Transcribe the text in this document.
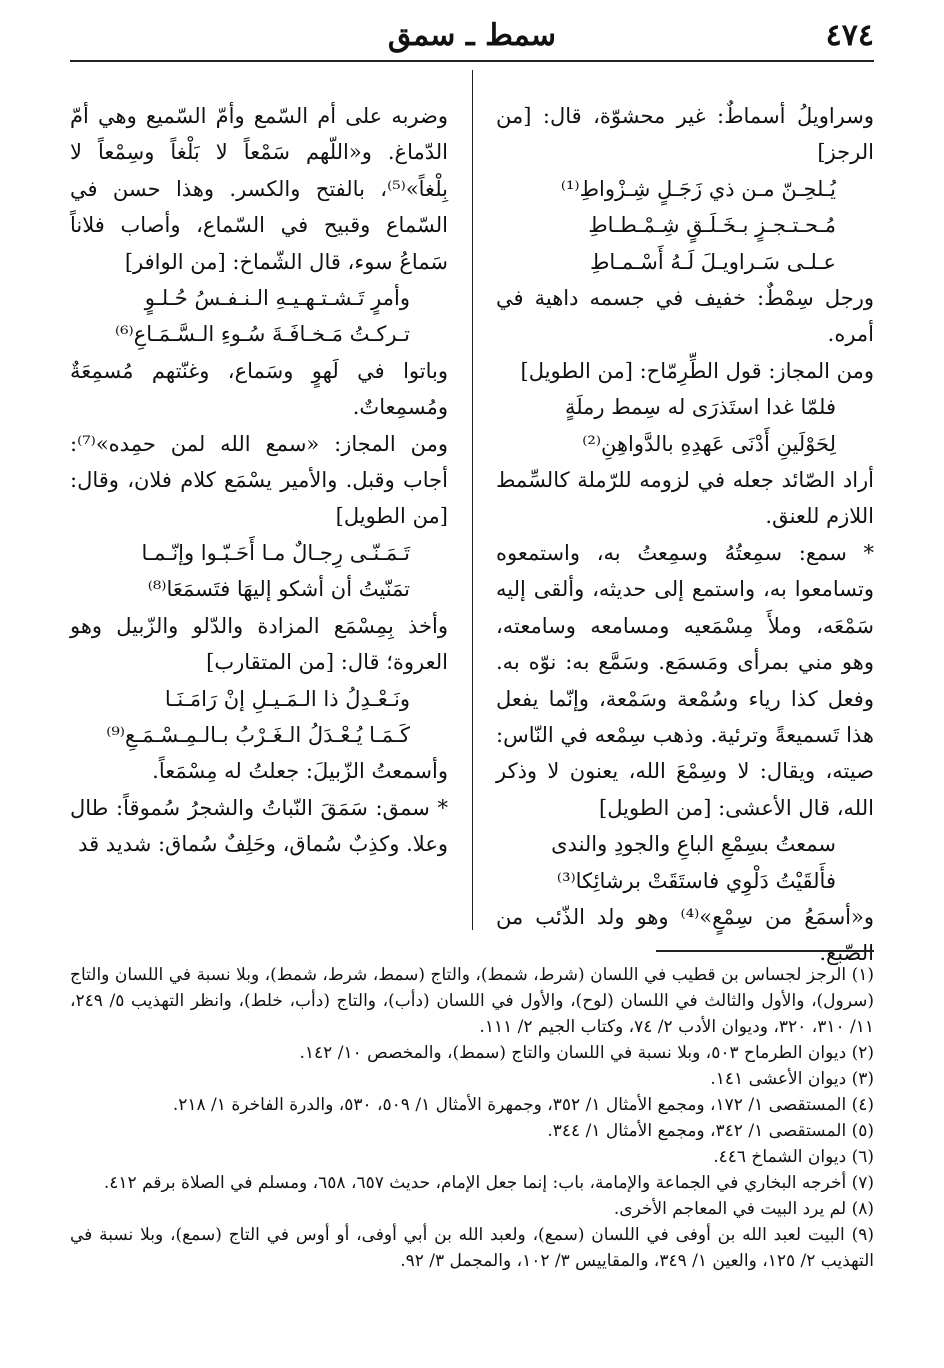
٤٧٤
سمط ـ سمق

وسراويلُ أسماطٌ: غير محشوّة، قال: [من الرجز]

يُـلحِـنّ مـن ذي زَجَـلٍ شِـزْواطِ⁽¹⁾

مُـحـتـجـزٍ بـخَـلَـقٍ شِـمْـطـاطِ

عـلـى سَـراويـلَ لَـهُ أَسْـمـاطِ

ورجل سِمْطٌ: خفيف في جسمه داهية في أمره.

ومن المجاز: قول الطِّرِمّاح: [من الطويل]

فلمّا غدا استَذرَى له سِمط رملَةٍ

لِحَوْلَينِ أَدْنَى عَهدِهِ بالدَّواهِنِ⁽²⁾

أراد الصّائد جعله في لزومه للرّملة كالسِّمط اللازم للعنق.

* سمع: سمِعتُهُ وسمِعتُ به، واستمعوه وتسامعوا به، واستمع إلى حديثه، وألقى إليه سَمْعَه، وملأَ مِسْمَعيه ومسامعه وسامعته، وهو مني بمرأى ومَسمَع. وسَمَّع به: نوّه به. وفعل كذا رياء وسُمْعة وسَمْعة، وإنّما يفعل هذا تَسميعةً وترئية. وذهب سِمْعه في النّاس: صيته، ويقال: لا وسِمْعَ الله، يعنون لا وذكر الله، قال الأعشى: [من الطويل]

سمعتُ بسِمْعِ الباعِ والجودِ والندى

فأَلقَيْتُ دَلْوِي فاستَقَتْ برشائِكا⁽³⁾

و«أسمَعُ من سِمْعٍ»⁽⁴⁾ وهو ولد الذّئب من الضّبع.

وضربه على أم السّمع وأمّ السّميع وهي أمّ الدّماغ. و«اللّهم سَمْعاً لا بَلْغاً وسِمْعاً لا بِلْغاً»⁽⁵⁾، بالفتح والكسر. وهذا حسن في السّماع وقبيح في السّماع، وأصاب فلاناً سَماعُ سوء، قال الشّماخ: [من الوافر]

وأمرٍ تَـشـتـهـيـهِ الـنـفـسُ حُـلـوٍ

تـركـتُ مَـخـافَـةَ سُـوءِ الـسَّـمَـاعِ⁽⁶⁾

وباتوا في لَهوٍ وسَماع، وغنّتهم مُسمِعَةٌ ومُسمِعاتٌ.

ومن المجاز: «سمع الله لمن حمِده»⁽⁷⁾: أجاب وقبل. والأمير يسْمَع كلام فلان، وقال: [من الطويل]

تَـمَـنّـى رِجـالٌ مـا أَحَـبّـوا وإنّـمـا

تمَنّيتُ أن أشكو إليهَا فتَسمَعَا⁽⁸⁾

وأخذ بِمِسْمَع المزادة والدّلو والزّبيل وهو العروة؛ قال: [من المتقارب]

ونَـعْـدِلُ ذا الـمَـيـلِ إنْ رَامَـنَـا

كَـمَـا يُـعْـدَلُ الـغَـرْبُ بـالـمِـسْـمَـعِ⁽⁹⁾

وأسمعتُ الزّبيلَ: جعلتُ له مِسْمَعاً.

* سمق: سَمَقَ النّباتُ والشجرُ سُموقاً: طال وعلا. وكذِبٌ سُماق، وحَلِفٌ سُماق: شديد قد

(١) الرجز لجساس بن قطيب في اللسان (شرط، شمط)، والتاج (سمط، شرط، شمط)، وبلا نسبة في اللسان والتاج (سرول)، والأول والثالث في اللسان (لوح)، والأول في اللسان (دأب)، والتاج (دأب، خلط)، وانظر التهذيب ٥/ ٢٤٩، ١١/ ٣١٠، ٣٢٠، وديوان الأدب ٢/ ٧٤، وكتاب الجيم ٢/ ١١١.

(٢) ديوان الطرماح ٥٠٣، وبلا نسبة في اللسان والتاج (سمط)، والمخصص ١٠/ ١٤٢.

(٣) ديوان الأعشى ١٤١.

(٤) المستقصى ١/ ١٧٢، ومجمع الأمثال ١/ ٣٥٢، وجمهرة الأمثال ١/ ٥٠٩، ٥٣٠، والدرة الفاخرة ١/ ٢١٨.

(٥) المستقصى ١/ ٣٤٢، ومجمع الأمثال ١/ ٣٤٤.

(٦) ديوان الشماخ ٤٤٦.

(٧) أخرجه البخاري في الجماعة والإمامة، باب: إنما جعل الإمام، حديث ٦٥٧، ٦٥٨، ومسلم في الصلاة برقم ٤١٢.

(٨) لم يرد البيت في المعاجم الأخرى.

(٩) البيت لعبد الله بن أوفى في اللسان (سمع)، ولعبد الله بن أبي أوفى، أو أوس في التاج (سمع)، وبلا نسبة في التهذيب ٢/ ١٢٥، والعين ١/ ٣٤٩، والمقاييس ٣/ ١٠٢، والمجمل ٣/ ٩٢.
